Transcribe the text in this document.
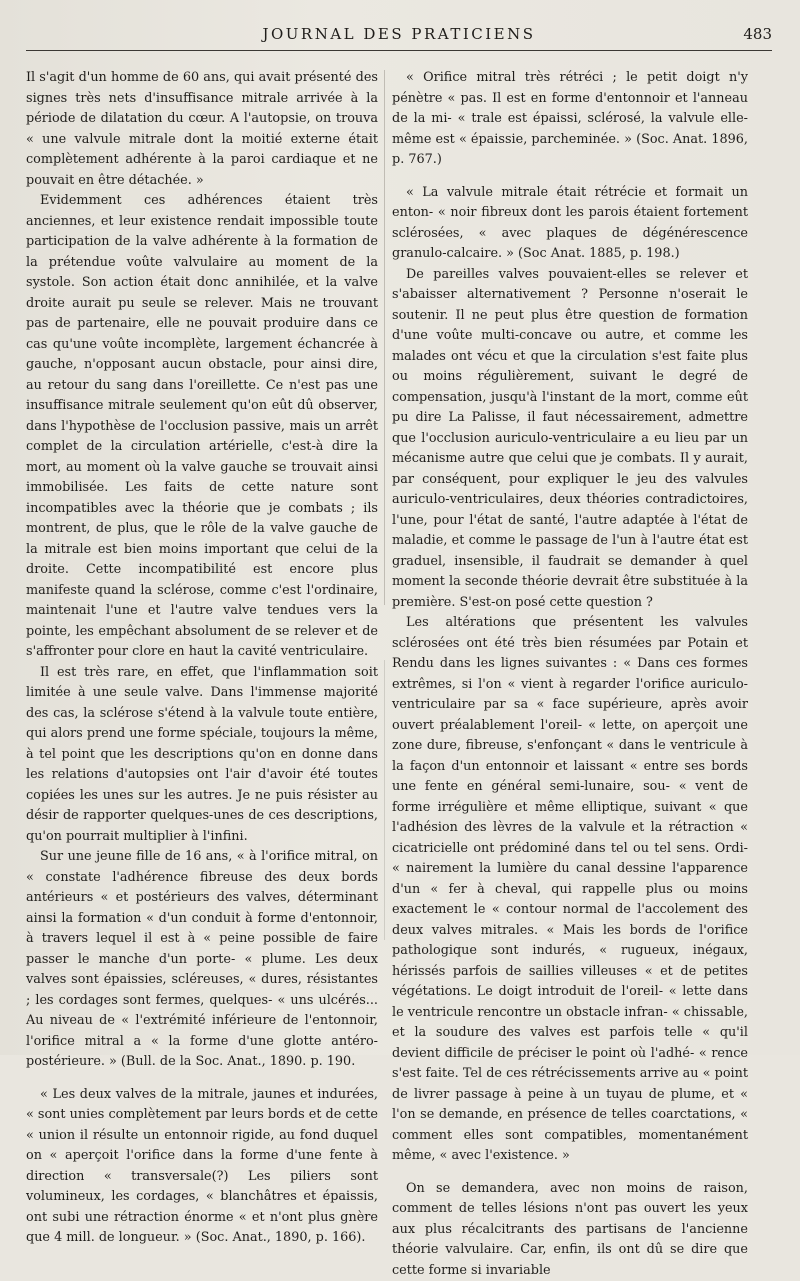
JOURNAL DES PRATICIENS	483

Il s'agit d'un homme de 60 ans, qui avait présenté des signes très nets d'insuffisance mitrale arrivée à la période de dilatation du cœur. A l'autopsie, on trouva « une valvule mitrale dont la moitié externe était complètement adhérente à la paroi cardiaque et ne pouvait en être détachée. »

Evidemment ces adhérences étaient très anciennes, et leur existence rendait impossible toute participation de la valve adhérente à la formation de la prétendue voûte valvulaire au moment de la systole. Son action était donc annihilée, et la valve droite aurait pu seule se relever. Mais ne trouvant pas de partenaire, elle ne pouvait produire dans ce cas qu'une voûte incomplète, largement échancrée à gauche, n'opposant aucun obstacle, pour ainsi dire, au retour du sang dans l'oreillette. Ce n'est pas une insuffisance mitrale seulement qu'on eût dû observer, dans l'hypothèse de l'occlusion passive, mais un arrêt complet de la circulation artérielle, c'est-à dire la mort, au moment où la valve gauche se trouvait ainsi immobilisée. Les faits de cette nature sont incompatibles avec la théorie que je combats ; ils montrent, de plus, que le rôle de la valve gauche de la mitrale est bien moins important que celui de la droite. Cette incompatibilité est encore plus manifeste quand la sclérose, comme c'est l'ordinaire, maintenait l'une et l'autre valve tendues vers la pointe, les empêchant absolument de se relever et de s'affronter pour clore en haut la cavité ventriculaire.

Il est très rare, en effet, que l'inflammation soit limitée à une seule valve. Dans l'immense majorité des cas, la sclérose s'étend à la valvule toute entière, qui alors prend une forme spéciale, toujours la même, à tel point que les descriptions qu'on en donne dans les relations d'autopsies ont l'air d'avoir été toutes copiées les unes sur les autres. Je ne puis résister au désir de rapporter quelques-unes de ces descriptions, qu'on pourrait multiplier à l'infini.

Sur une jeune fille de 16 ans, « à l'orifice mitral, on « constate l'adhérence fibreuse des deux bords antérieurs « et postérieurs des valves, déterminant ainsi la formation « d'un conduit à forme d'entonnoir, à travers lequel il est à « peine possible de faire passer le manche d'un porte- « plume. Les deux valves sont épaissies, scléreuses, « dures, résistantes ; les cordages sont fermes, quelques- « uns ulcérés... Au niveau de « l'extrémité inférieure de l'entonnoir, l'orifice mitral a « la forme d'une glotte antéro-postérieure. » (Bull. de la Soc. Anat., 1890. p. 190.

« Les deux valves de la mitrale, jaunes et indurées, « sont unies complètement par leurs bords et de cette « union il résulte un entonnoir rigide, au fond duquel on « aperçoit l'orifice dans la forme d'une fente à direction « transversale(?) Les piliers sont volumineux, les cordages, « blanchâtres et épaissis, ont subi une rétraction énorme « et n'ont plus gnère que 4 mill. de longueur. » (Soc. Anat., 1890, p. 166).

« Orifice mitral très rétréci ; le petit doigt n'y pénètre « pas. Il est en forme d'entonnoir et l'anneau de la mi- « trale est épaissi, sclérosé, la valvule elle-même est « épaissie, parcheminée. » (Soc. Anat. 1896, p. 767.)

« La valvule mitrale était rétrécie et formait un enton- « noir fibreux dont les parois étaient fortement sclérosées, « avec plaques de dégénérescence granulo-calcaire. » (Soc Anat. 1885, p. 198.)

De pareilles valves pouvaient-elles se relever et s'abaisser alternativement ? Personne n'oserait le soutenir. Il ne peut plus être question de formation d'une voûte multi-concave ou autre, et comme les malades ont vécu et que la circulation s'est faite plus ou moins régulièrement, suivant le degré de compensation, jusqu'à l'instant de la mort, comme eût pu dire La Palisse, il faut nécessairement, admettre que l'occlusion auriculo-ventriculaire a eu lieu par un mécanisme autre que celui que je combats. Il y aurait, par conséquent, pour expliquer le jeu des valvules auriculo-ventriculaires, deux théories contradictoires, l'une, pour l'état de santé, l'autre adaptée à l'état de maladie, et comme le passage de l'un à l'autre état est graduel, insensible, il faudrait se demander à quel moment la seconde théorie devrait être substituée à la première. S'est-on posé cette question ?

Les altérations que présentent les valvules sclérosées ont été très bien résumées par Potain et Rendu dans les lignes suivantes : « Dans ces formes extrêmes, si l'on « vient à regarder l'orifice auriculo-ventriculaire par sa « face supérieure, après avoir ouvert préalablement l'oreil- « lette, on aperçoit une zone dure, fibreuse, s'enfonçant « dans le ventricule à la façon d'un entonnoir et laissant « entre ses bords une fente en général semi-lunaire, sou- « vent de forme irrégulière et même elliptique, suivant « que l'adhésion des lèvres de la valvule et la rétraction « cicatricielle ont prédominé dans tel ou tel sens. Ordi- « nairement la lumière du canal dessine l'apparence d'un « fer à cheval, qui rappelle plus ou moins exactement le « contour normal de l'accolement des deux valves mitrales. « Mais les bords de l'orifice pathologique sont indurés, « rugueux, inégaux, hérissés parfois de saillies villeuses « et de petites végétations. Le doigt introduit de l'oreil- « lette dans le ventricule rencontre un obstacle infran- « chissable, et la soudure des valves est parfois telle « qu'il devient difficile de préciser le point où l'adhé- « rence s'est faite. Tel de ces rétrécissements arrive au « point de livrer passage à peine à un tuyau de plume, et « l'on se demande, en présence de telles coarctations, « comment elles sont compatibles, momentanément même, « avec l'existence. »

On se demandera, avec non moins de raison, comment de telles lésions n'ont pas ouvert les yeux aux plus récalcitrants des partisans de l'ancienne théorie valvulaire. Car, enfin, ils ont dû se dire que cette forme si invariable
